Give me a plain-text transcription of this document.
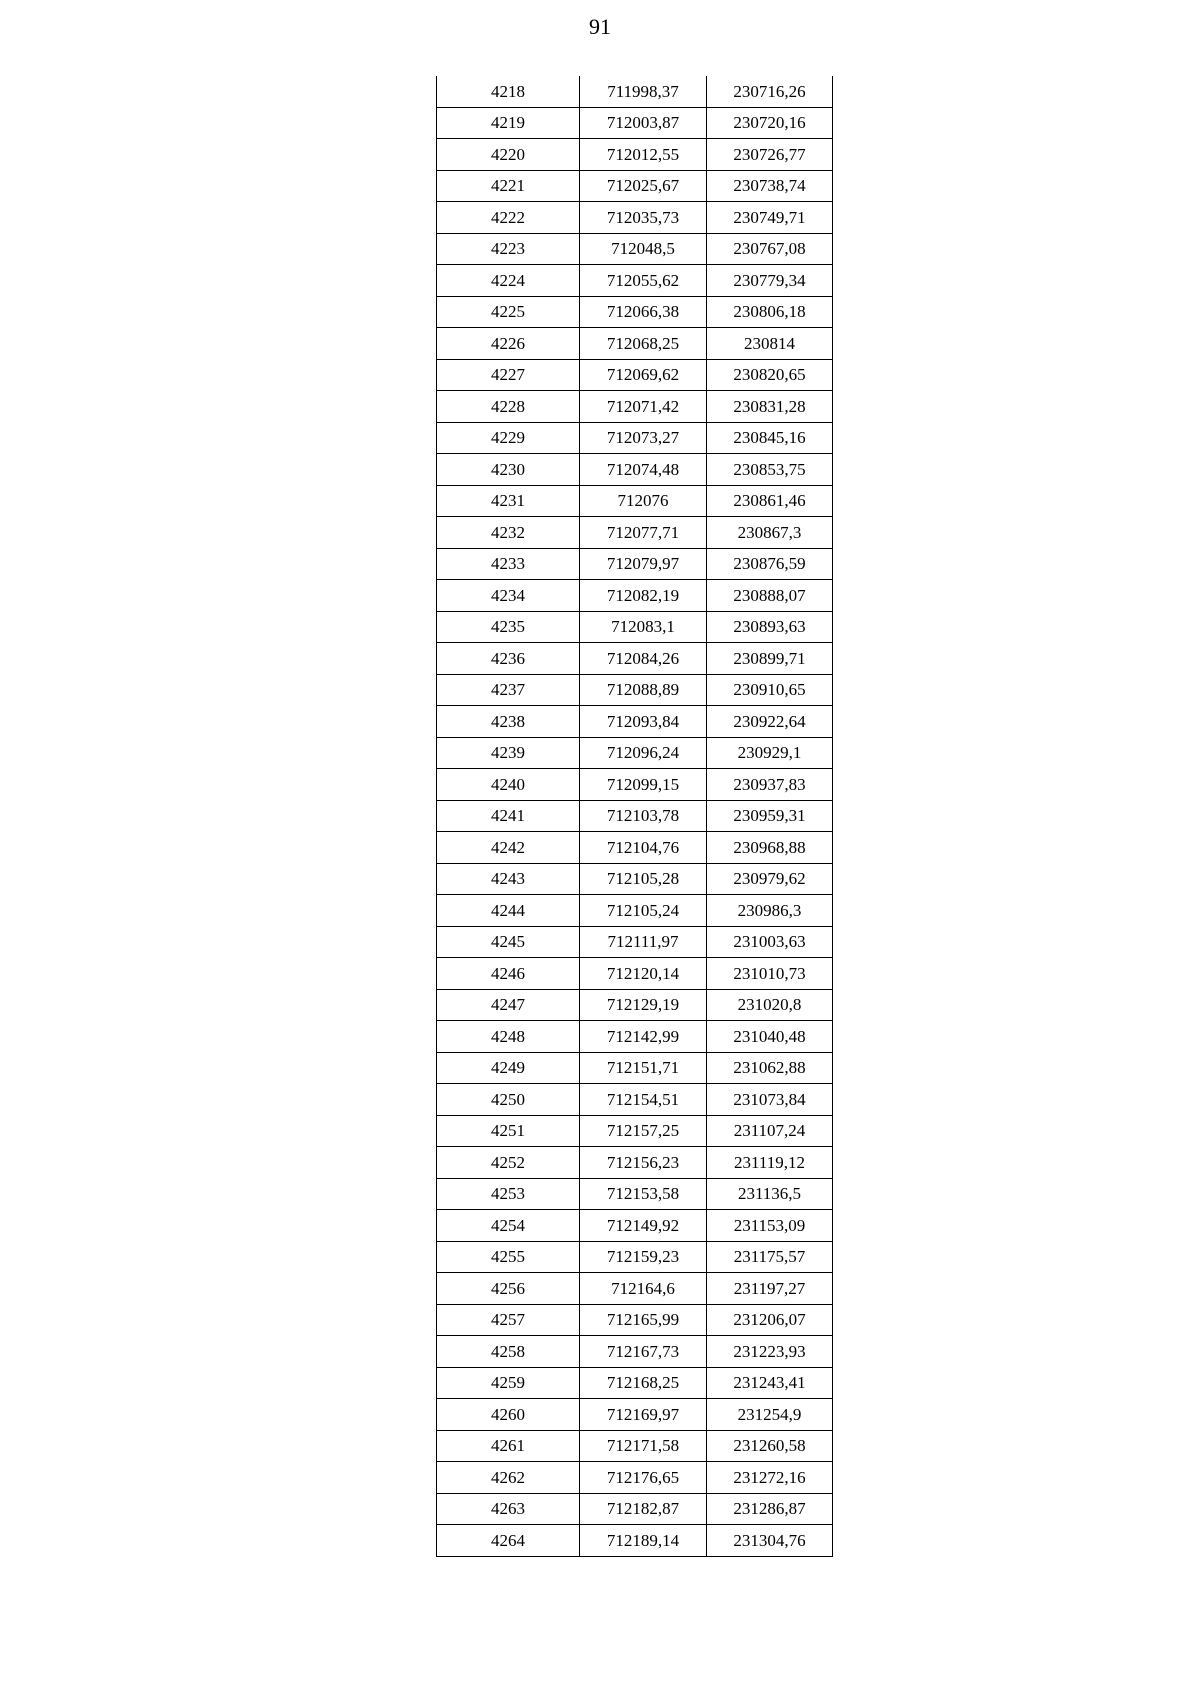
91
4218	711998,37	230716,26
4219	712003,87	230720,16
4220	712012,55	230726,77
4221	712025,67	230738,74
4222	712035,73	230749,71
4223	712048,5	230767,08
4224	712055,62	230779,34
4225	712066,38	230806,18
4226	712068,25	230814
4227	712069,62	230820,65
4228	712071,42	230831,28
4229	712073,27	230845,16
4230	712074,48	230853,75
4231	712076	230861,46
4232	712077,71	230867,3
4233	712079,97	230876,59
4234	712082,19	230888,07
4235	712083,1	230893,63
4236	712084,26	230899,71
4237	712088,89	230910,65
4238	712093,84	230922,64
4239	712096,24	230929,1
4240	712099,15	230937,83
4241	712103,78	230959,31
4242	712104,76	230968,88
4243	712105,28	230979,62
4244	712105,24	230986,3
4245	712111,97	231003,63
4246	712120,14	231010,73
4247	712129,19	231020,8
4248	712142,99	231040,48
4249	712151,71	231062,88
4250	712154,51	231073,84
4251	712157,25	231107,24
4252	712156,23	231119,12
4253	712153,58	231136,5
4254	712149,92	231153,09
4255	712159,23	231175,57
4256	712164,6	231197,27
4257	712165,99	231206,07
4258	712167,73	231223,93
4259	712168,25	231243,41
4260	712169,97	231254,9
4261	712171,58	231260,58
4262	712176,65	231272,16
4263	712182,87	231286,87
4264	712189,14	231304,76
